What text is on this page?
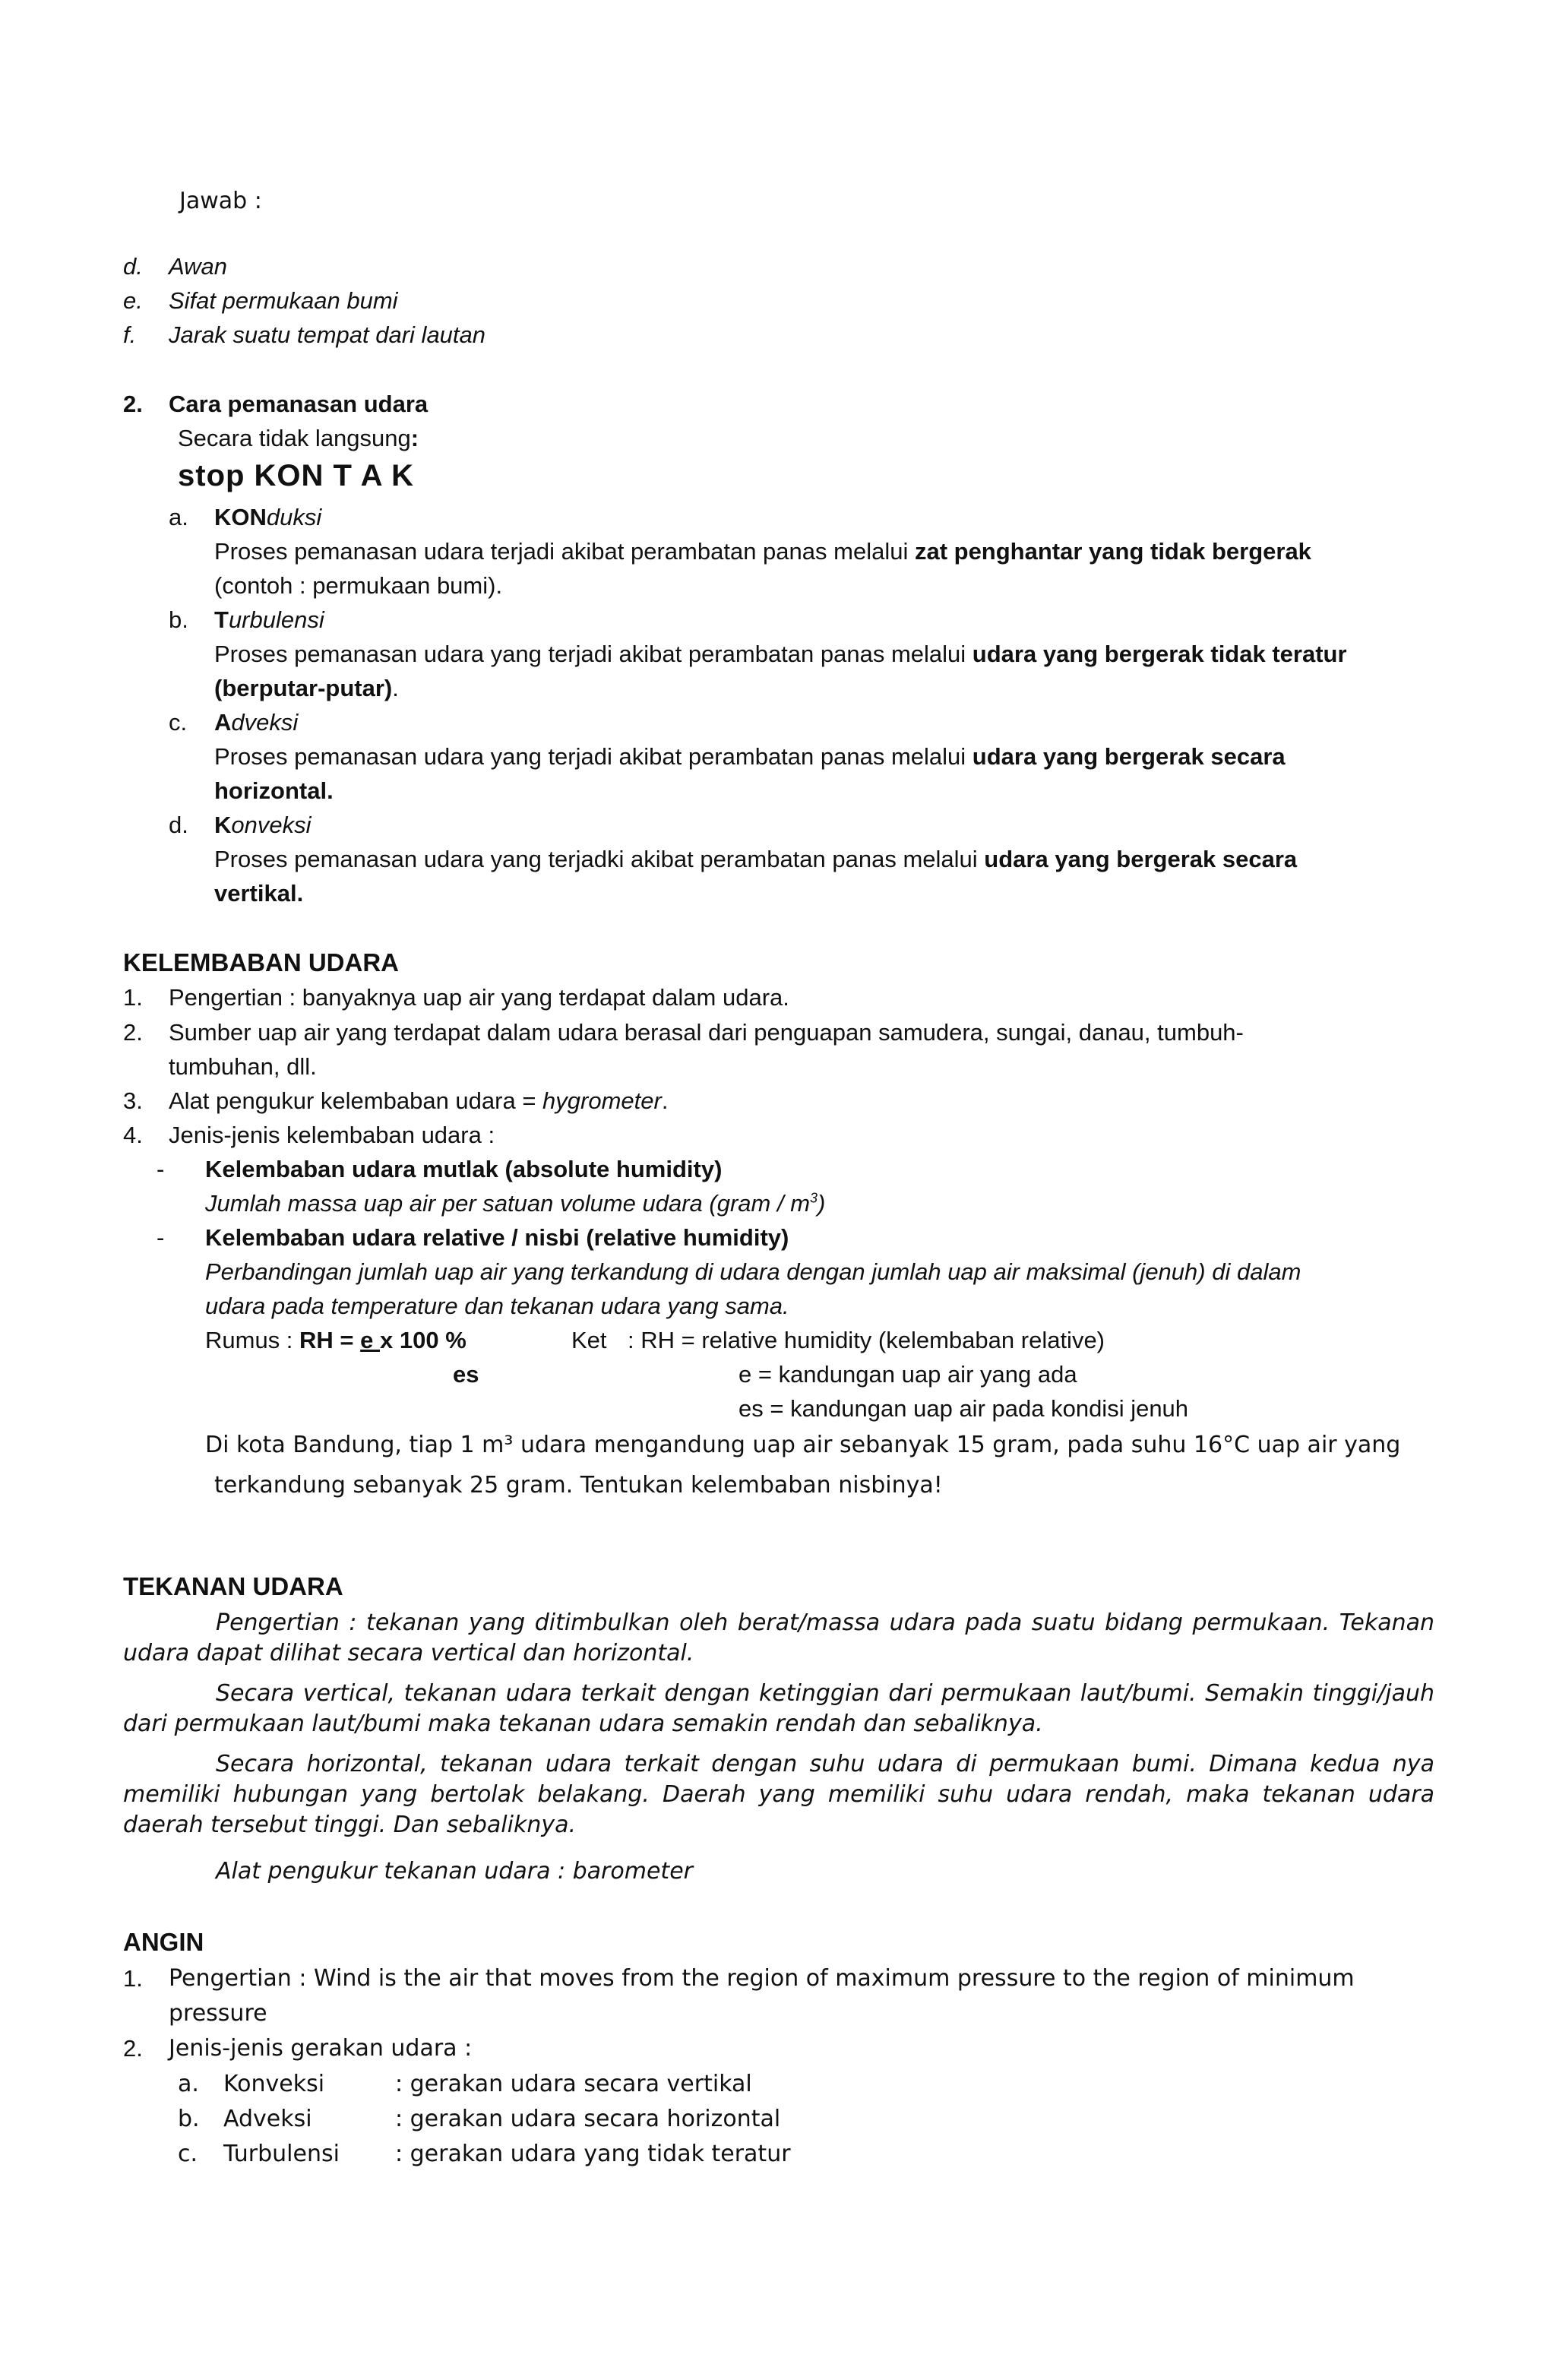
Jawab :
d. Awan
e. Sifat permukaan bumi
f. Jarak suatu tempat dari lautan
2. Cara pemanasan udara
Secara tidak langsung:
stop KON T A K
a. KONduksi
Proses pemanasan udara terjadi akibat perambatan panas melalui zat penghantar yang tidak bergerak
(contoh : permukaan bumi).
b. Turbulensi
Proses pemanasan udara yang terjadi akibat perambatan panas melalui udara yang bergerak tidak teratur
(berputar-putar).
c. Adveksi
Proses pemanasan udara yang terjadi akibat perambatan panas melalui udara yang bergerak secara
horizontal.
d. Konveksi
Proses pemanasan udara yang terjadki akibat perambatan panas melalui udara yang bergerak secara
vertikal.
KELEMBABAN UDARA
1. Pengertian : banyaknya uap air yang terdapat dalam udara.
2. Sumber uap air yang terdapat dalam udara berasal dari penguapan samudera, sungai, danau, tumbuh-
tumbuhan, dll.
3. Alat pengukur kelembaban udara = hygrometer.
4. Jenis-jenis kelembaban udara :
- Kelembaban udara mutlak (absolute humidity)
Jumlah massa uap air per satuan volume udara (gram / $m^3$)
- Kelembaban udara relative / nisbi (relative humidity)
Perbandingan jumlah uap air yang terkandung di udara dengan jumlah uap air maksimal (jenuh) di dalam
udara pada temperature dan tekanan udara yang sama.
Rumus : RH = e x 100 %
es
Ket : RH = relative humidity (kelembaban relative)
e = kandungan uap air yang ada
es = kandungan uap air pada kondisi jenuh
Di kota Bandung, tiap 1 m³ udara mengandung uap air sebanyak 15 gram, pada suhu 16°C uap air yang
terkandung sebanyak 25 gram. Tentukan kelembaban nisbinya!
TEKANAN UDARA
Pengertian : tekanan yang ditimbulkan oleh berat/massa udara pada suatu bidang permukaan. Tekanan udara dapat dilihat secara vertical dan horizontal.
Secara vertical, tekanan udara terkait dengan ketinggian dari permukaan laut/bumi. Semakin tinggi/jauh dari permukaan laut/bumi maka tekanan udara semakin rendah dan sebaliknya.
Secara horizontal, tekanan udara terkait dengan suhu udara di permukaan bumi. Dimana kedua nya memiliki hubungan yang bertolak belakang. Daerah yang memiliki suhu udara rendah, maka tekanan udara daerah tersebut tinggi. Dan sebaliknya.
Alat pengukur tekanan udara : barometer
ANGIN
1. Pengertian : Wind is the air that moves from the region of maximum pressure to the region of minimum
pressure
2. Jenis-jenis gerakan udara :
a. Konveksi	: gerakan udara secara vertikal
b. Adveksi	: gerakan udara secara horizontal
c. Turbulensi : gerakan udara yang tidak teratur
